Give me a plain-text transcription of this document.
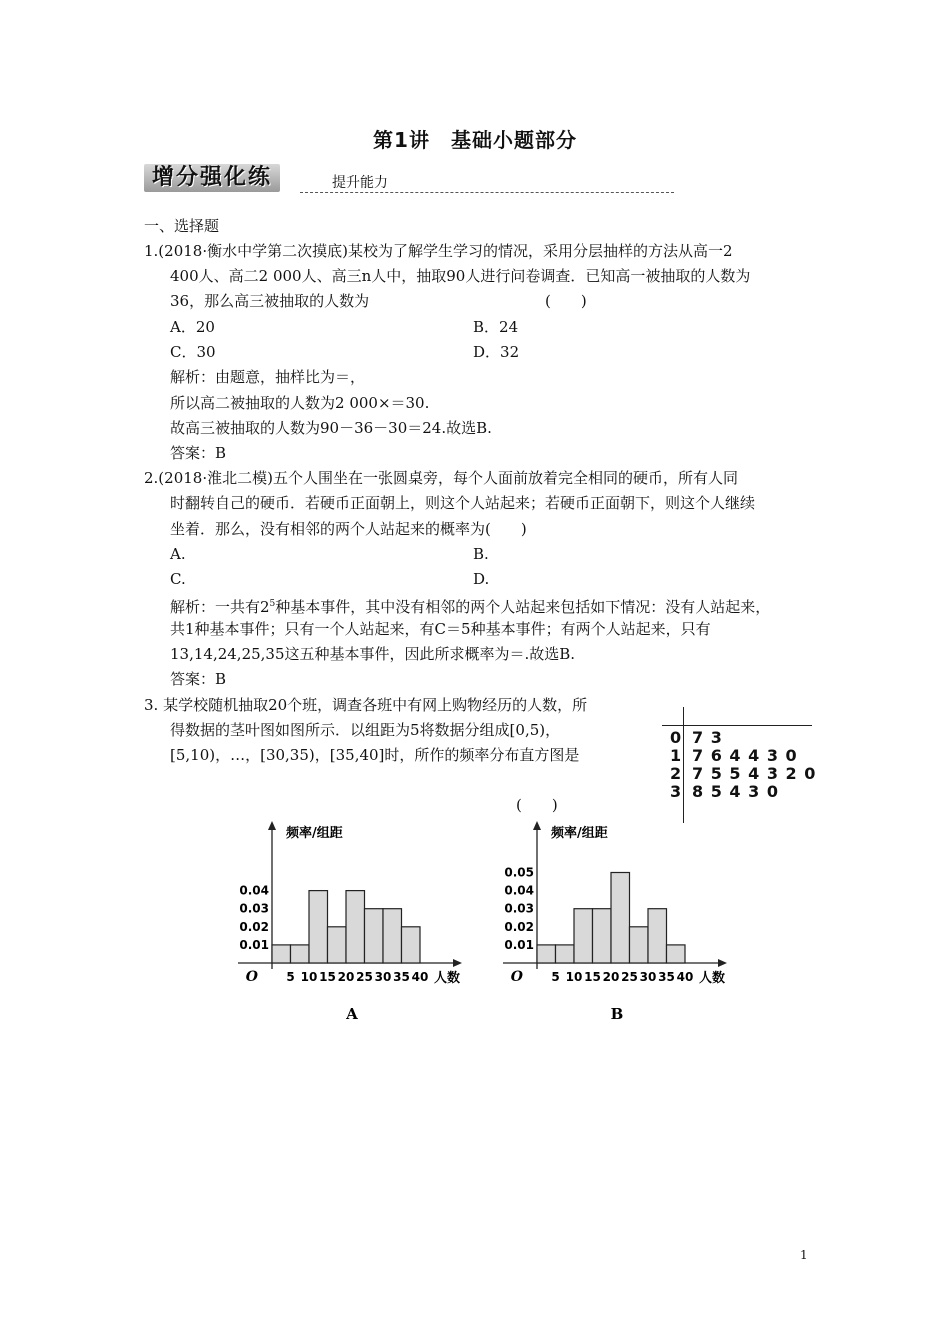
第1讲　基础小题部分
增分强化练	提升能力
一、选择题
1.(2018·衡水中学第二次摸底)某校为了解学生学习的情况，采用分层抽样的方法从高一2
400人、高二2 000人、高三n人中，抽取90人进行问卷调查．已知高一被抽取的人数为
36，那么高三被抽取的人数为	(　　)
A．20	B．24
C．30	D．32
解析：由题意，抽样比为＝，
所以高二被抽取的人数为2 000×＝30.
故高三被抽取的人数为90－36－30＝24.故选B.
答案：B
2.(2018·淮北二模)五个人围坐在一张圆桌旁，每个人面前放着完全相同的硬币，所有人同
时翻转自己的硬币．若硬币正面朝上，则这个人站起来；若硬币正面朝下，则这个人继续
坐着．那么，没有相邻的两个人站起来的概率为(　　)
A.	B.
C.	D.
解析：一共有$2^5$种基本事件，其中没有相邻的两个人站起来包括如下情况：没有人站起来，
共1种基本事件；只有一个人站起来，有C＝5种基本事件；有两个人站起来，只有
13,14,24,25,35这五种基本事件，因此所求概率为＝.故选B.
答案：B
3. 某学校随机抽取20个班，调查各班中有网上购物经历的人数，所
得数据的茎叶图如图所示．以组距为5将数据分组成[0,5)，
[5,10)，…，[30,35)，[35,40]时，所作的频率分布直方图是
(　　)
0 7 3
1 7 6 4 4 3 0
2 7 5 5 4 3 2 0
3 8 5 4 3 0
0.01
0.02
0.03
0.04
5 10 15 20 25 30 35 40
O
频率/组距
人数
A
0.01
0.02
0.03
0.04
0.05
5 10 15 20 25 30 35 40
O
频率/组距
人数
B
1
